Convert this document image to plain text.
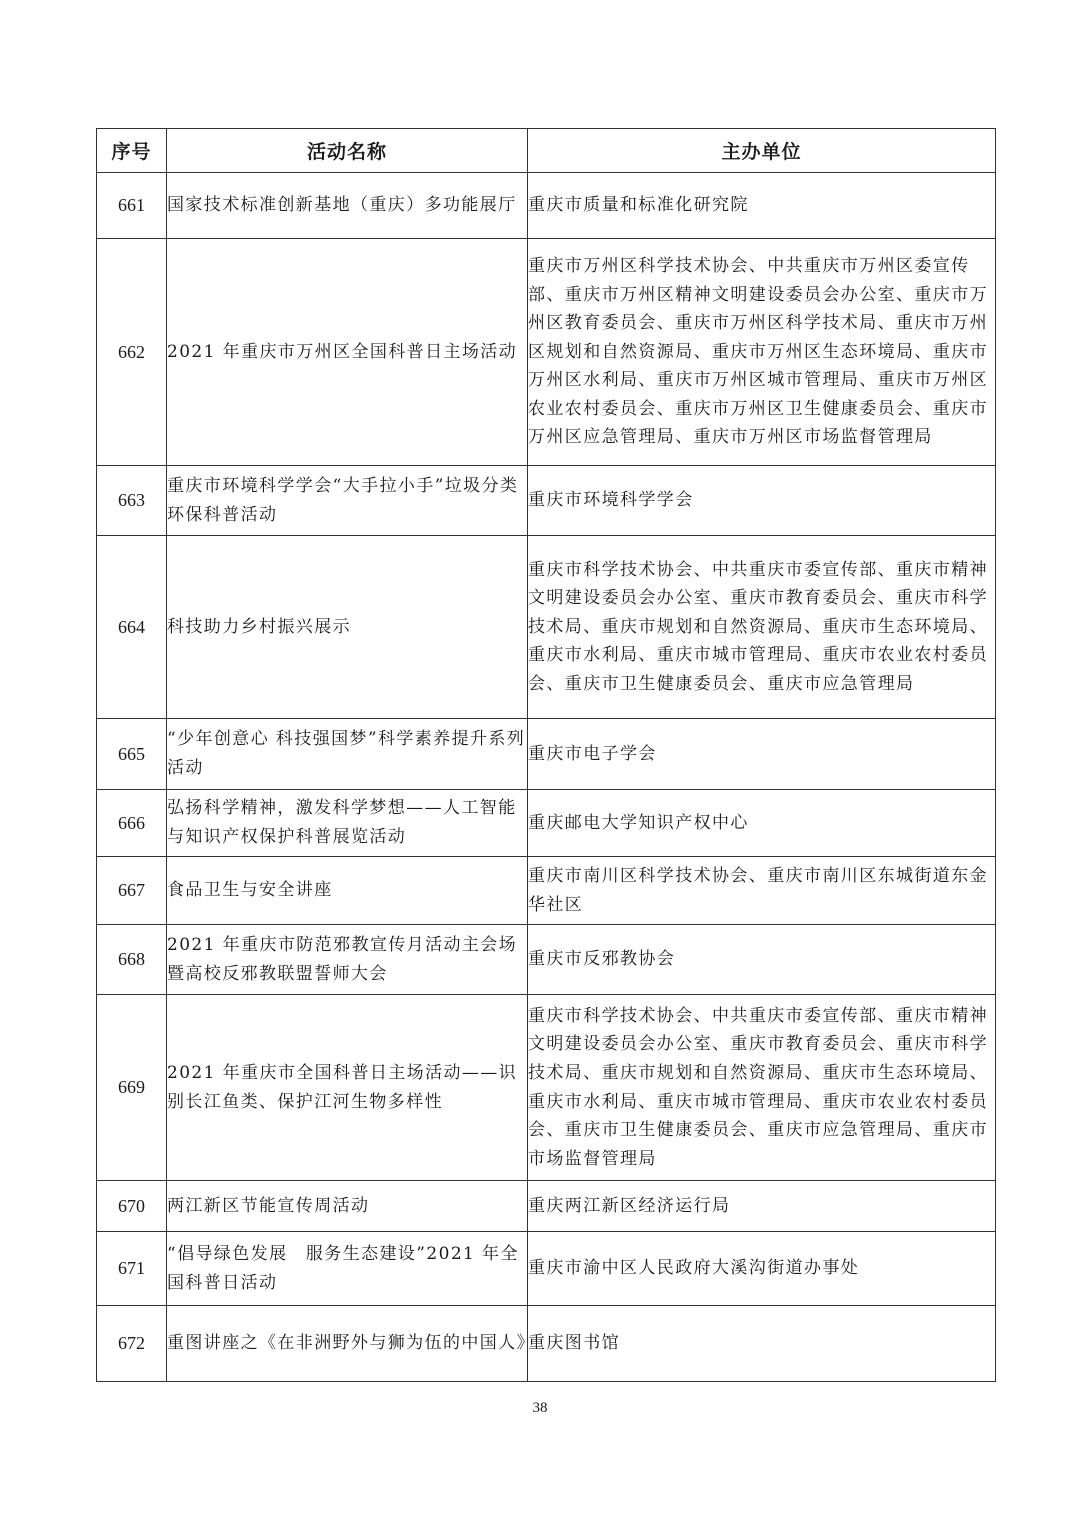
序号	活动名称	主办单位
661	国家技术标准创新基地（重庆）多功能展厅	重庆市质量和标准化研究院
662	2021 年重庆市万州区全国科普日主场活动	重庆市万州区科学技术协会、中共重庆市万州区委宣传部、重庆市万州区精神文明建设委员会办公室、重庆市万州区教育委员会、重庆市万州区科学技术局、重庆市万州区规划和自然资源局、重庆市万州区生态环境局、重庆市万州区水利局、重庆市万州区城市管理局、重庆市万州区农业农村委员会、重庆市万州区卫生健康委员会、重庆市万州区应急管理局、重庆市万州区市场监督管理局
663	重庆市环境科学学会“大手拉小手”垃圾分类环保科普活动	重庆市环境科学学会
664	科技助力乡村振兴展示	重庆市科学技术协会、中共重庆市委宣传部、重庆市精神文明建设委员会办公室、重庆市教育委员会、重庆市科学技术局、重庆市规划和自然资源局、重庆市生态环境局、重庆市水利局、重庆市城市管理局、重庆市农业农村委员会、重庆市卫生健康委员会、重庆市应急管理局
665	“少年创意心 科技强国梦”科学素养提升系列活动	重庆市电子学会
666	弘扬科学精神，激发科学梦想——人工智能与知识产权保护科普展览活动	重庆邮电大学知识产权中心
667	食品卫生与安全讲座	重庆市南川区科学技术协会、重庆市南川区东城街道东金华社区
668	2021 年重庆市防范邪教宣传月活动主会场暨高校反邪教联盟誓师大会	重庆市反邪教协会
669	2021 年重庆市全国科普日主场活动——识别长江鱼类、保护江河生物多样性	重庆市科学技术协会、中共重庆市委宣传部、重庆市精神文明建设委员会办公室、重庆市教育委员会、重庆市科学技术局、重庆市规划和自然资源局、重庆市生态环境局、重庆市水利局、重庆市城市管理局、重庆市农业农村委员会、重庆市卫生健康委员会、重庆市应急管理局、重庆市市场监督管理局
670	两江新区节能宣传周活动	重庆两江新区经济运行局
671	“倡导绿色发展　服务生态建设”2021 年全国科普日活动	重庆市渝中区人民政府大溪沟街道办事处
672	重图讲座之《在非洲野外与狮为伍的中国人》	重庆图书馆
38
